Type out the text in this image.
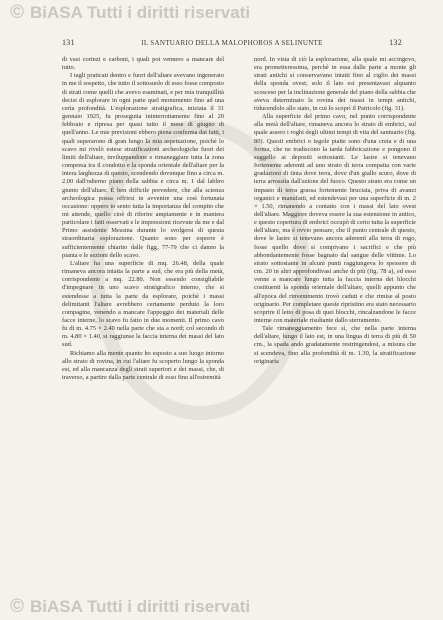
© BiASA Tutti i diritti riservati
131	IL SANTUARIO DELLA MALOPHOROS A SELINUNTE	132

di vasi corinzi e carboni, i quali poi vennero a mancare del tutto.

I tagli praticati dentro e fuori dell'altare avevano ingenerato in me il sospetto, che tutto il sottosuolo di esso fosse composto di strati come quelli che avevo esaminati, e per mia tranquillità decisi di esplorare in ogni parte quel monumento fino ad una certa profondità. L'esplorazione stratigrafica, iniziata il 31 gennaio 1925, fu proseguita ininterrottamente fino al 20 febbraio e ripresa per quasi tutto il mese di giugno di quell'anno. Le mie previsioni ebbero piena conferma dai fatti, i quali superarono di gran lungo la mia aspettazione, poichè lo scavo mi rivelò estese stratificazioni archeologiche fuori dei limiti dell'altare, inviluppandone e rimaneggiare tutta la zona compresa tra il condotto e la sponda orientale dell'altare per la intera larghezza di questo, scendendo dovunque fino a circa m. 2.00 dall'odierno piano della sabbia e circa m. 1 dal labbro giunto dell'altare. È ben difficile prevedere, che alla scienza archeologica possa offrirsi in avvenire una così fortunata occasione: oppero io sento tutta la importanza del compito che mi attende, quello cioè di riferire ampiamente e in maniera particolare i fatti osservati e le impressioni ricevute da me e dal Primo assistente Messina durante lo svolgersi di questa straordinaria esplorazione. Quanto sono per esporre è sufficientemente chiarito dalle figg. 77-79 che ci danno la pianta e le sezioni dello scavo.

L'altare ha una superficie di mq. 26.48, della quale rimaneva ancora intatta la parte a sud, che era più della metà, corrispondente a mq. 22.80. Non essendo consigliabile d'impegnare in uno scavo stratigrafico interno, che si estendesse a tutta la parte da esplorare, poichè i massi delimitanti l'altare avrebbero certamente perduto la loro compagine, venendo a mancare l'appoggio dei materiali delle facce interne, lo scavo fu fatto in due momenti. Il primo cavo fu di m. 4.75 × 2.40 nella parte che sta a nord; col secondo di m. 4.80 × 1.40, si raggiunse la faccia interna dei massi del lato sud.

Richiamo alla mente quanto ho esposto a suo luogo intorno allo strato di rovina, in cui l'altare fu scoperto lungo la sponda est, ed alla mancanza degli strati superiori e dei massi, che, di traverso, a partire dalla parte centrale di esso fino all'estremità

nord. In vista di ciò la esplorazione, alla quale mi accingevo, era prometteressima, perchè in essa dalle parte a monte gli strati antichi si conservavano intatti fino al ciglio dei massi della sponda ovest; solo il lato est presentavasi alquanto scosceso per la inclinazione generale del piano della sabbia che aveva determinato la rovina dei massi in tempi antichi, riducendolo allo stato, in cui lo scoprì il Patricolo (fig. 31).

Alla superficie del primo cavo, nel punto corrispondente alla metà dell'altare, rimaneva ancora lo strato di embrici, sul quale assero i roghi degli ultimi tempi di vita del santuario (fig. 80). Questi embrici o tegole piatte sono d'una creta e di una forma, che ne tradiscono la tarda fabbricazione e pongono il suggello ai depositi sottostanti. Le lastre si tenevano fortemente aderenti ad uno strato di terra compatta con varie gradazioni di tinta dove terra, dove d'un giallo scuro, dove di terra arrossita dall'azione del fuoco. Questo strato era come un impasto di terra grassa fortemente bruciata, priva di avanzi organici e manufatti, ed estendevasi per una superficie di m. 2 × 1.50, rimanendo a contatto con i massi del lato ovest dell'altare. Maggiore doveva essere la sua estensione in antico, e questo copertura di embrici occupò di certo tutta la superficie dell'altare, ma è ovvio pensare, che il punto centrale di questo, dove le lastre si tenevano ancora aderenti alla terra di rogo, fosse quello dove si compivano i sacrifici e che più abbondantemente fosse bagnato dal sangue delle vittime. Lo strato sottostante in alcuni punti raggiungeva lo spessore di cm. 20 in altri approfondivasi anche di più (fig. 78 a), ed esso venne a mancare lungo tutta la faccia interna dei blocchi costituenti la sponda orientale dell'altare, quelli appunto che all'epoca del rinvenimento trovò caduti e che rimise al posto originario. Per completare queste ripristino era stato necessario scoprire il letto di posa di quei blocchi, rincalzandone le facce interne con materiale risultante dallo sterramento.

Tale rimaneggiamento fece sì, che nella parte interna dell'altare, lungo il lato est, in una lingua di terra di più di 50 cm., la spada ando gradatamente restringendosi, a misura che si scendeva, fino alla profondità di m. 1.30, la stratificazione originaria

© BiASA Tutti i diritti riservati
